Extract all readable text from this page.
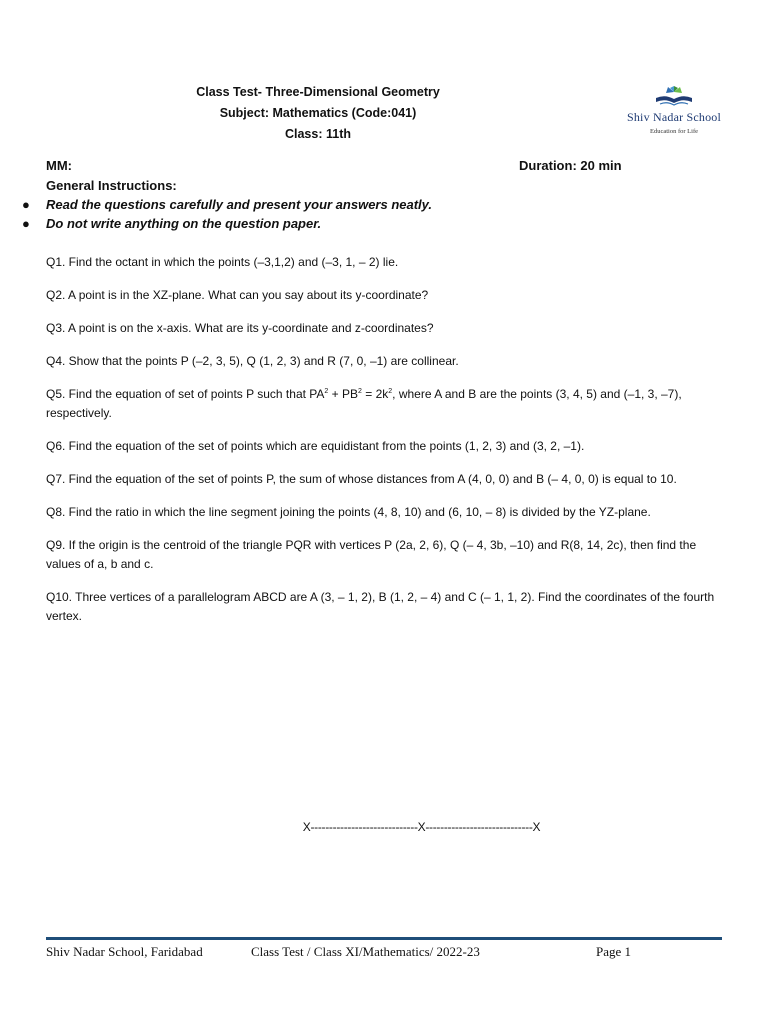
Class Test- Three-Dimensional Geometry
Subject: Mathematics (Code:041)
Class: 11th
Shiv Nadar School
Education for Life
MM:	Duration: 20 min
General Instructions:
● Read the questions carefully and present your answers neatly.
● Do not write anything on the question paper.
Q1. Find the octant in which the points (–3,1,2) and (–3, 1, – 2) lie.
Q2. A point is in the XZ-plane. What can you say about its y-coordinate?
Q3. A point is on the x-axis. What are its y-coordinate and z-coordinates?
Q4. Show that the points P (–2, 3, 5), Q (1, 2, 3) and R (7, 0, –1) are collinear.
Q5. Find the equation of set of points P such that $PA^2 + PB^2 = 2k^2$, where A and B are the points (3, 4, 5) and (–1, 3, –7), respectively.
Q6. Find the equation of the set of points which are equidistant from the points (1, 2, 3) and (3, 2, –1).
Q7. Find the equation of the set of points P, the sum of whose distances from A (4, 0, 0) and B (– 4, 0, 0) is equal to 10.
Q8. Find the ratio in which the line segment joining the points (4, 8, 10) and (6, 10, – 8) is divided by the YZ-plane.
Q9. If the origin is the centroid of the triangle PQR with vertices P (2a, 2, 6), Q (– 4, 3b, –10) and R(8, 14, 2c), then find the values of a, b and c.
Q10. Three vertices of a parallelogram ABCD are A (3, – 1, 2), B (1, 2, – 4) and C (– 1, 1, 2). Find the coordinates of the fourth vertex.
X-----------------------------X-----------------------------X
Shiv Nadar School, Faridabad	Class Test / Class XI/Mathematics/ 2022-23	Page 1
